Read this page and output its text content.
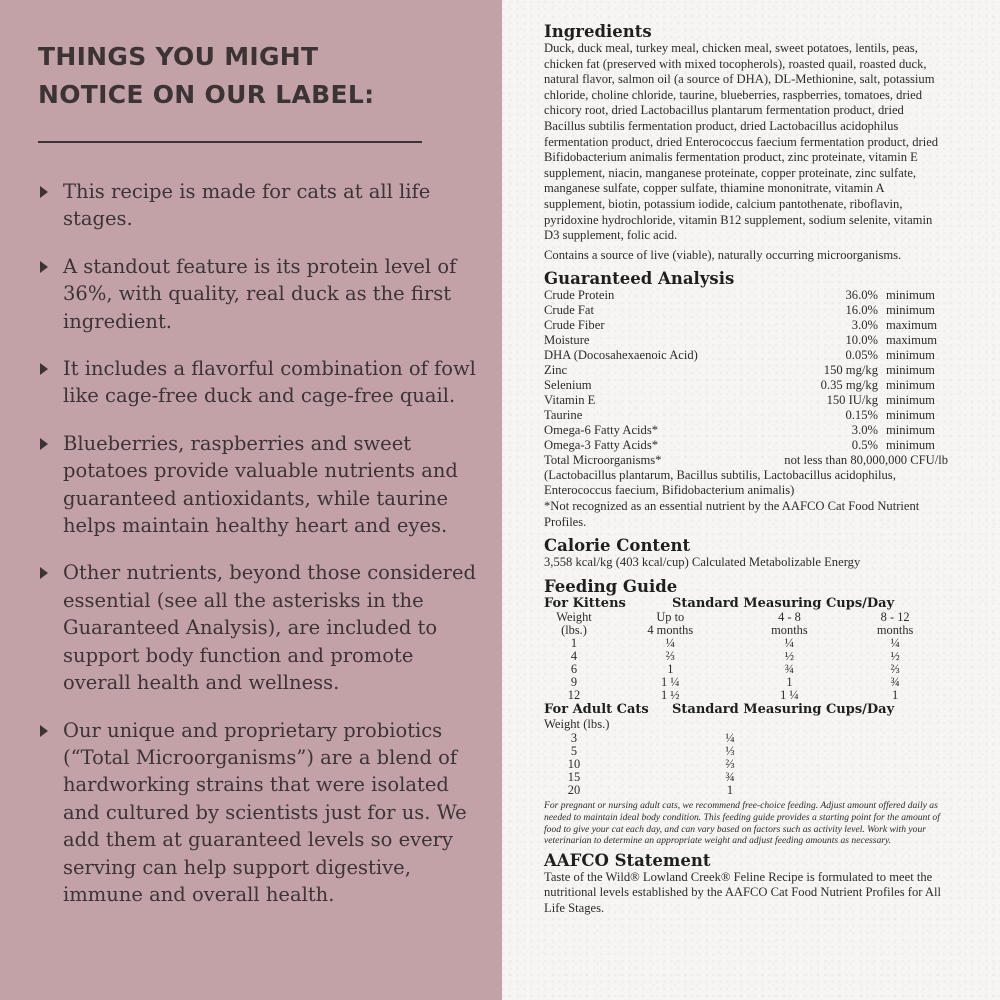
THINGS YOU MIGHT
NOTICE ON OUR LABEL:
This recipe is made for cats at all life stages.
A standout feature is its protein level of 36%, with quality, real duck as the first ingredient.
It includes a flavorful combination of fowl like cage-free duck and cage-free quail.
Blueberries, raspberries and sweet potatoes provide valuable nutrients and guaranteed antioxidants, while taurine helps maintain healthy heart and eyes.
Other nutrients, beyond those considered essential (see all the asterisks in the Guaranteed Analysis), are included to support body function and promote overall health and wellness.
Our unique and proprietary probiotics (“Total Microorganisms”) are a blend of hardworking strains that were isolated and cultured by scientists just for us. We add them at guaranteed levels so every serving can help support digestive, immune and overall health.
Ingredients

Duck, duck meal, turkey meal, chicken meal, sweet potatoes, lentils, peas, chicken fat (preserved with mixed tocopherols), roasted quail, roasted duck, natural flavor, salmon oil (a source of DHA), DL-Methionine, salt, potassium chloride, choline chloride, taurine, blueberries, raspberries, tomatoes, dried chicory root, dried Lactobacillus plantarum fermentation product, dried Bacillus subtilis fermentation product, dried Lactobacillus acidophilus fermentation product, dried Enterococcus faecium fermentation product, dried Bifidobacterium animalis fermentation product, zinc proteinate, vitamin E supplement, niacin, manganese proteinate, copper proteinate, zinc sulfate, manganese sulfate, copper sulfate, thiamine mononitrate, vitamin A supplement, biotin, potassium iodide, calcium pantothenate, riboflavin, pyridoxine hydrochloride, vitamin B12 supplement, sodium selenite, vitamin D3 supplement, folic acid.

Contains a source of live (viable), naturally occurring microorganisms.

Guaranteed Analysis
Crude Protein	36.0%	minimum
Crude Fat	16.0%	minimum
Crude Fiber	3.0%	maximum
Moisture	10.0%	maximum
DHA (Docosahexaenoic Acid)	0.05%	minimum
Zinc	150 mg/kg	minimum
Selenium	0.35 mg/kg	minimum
Vitamin E	150 IU/kg	minimum
Taurine	0.15%	minimum
Omega-6 Fatty Acids*	3.0%	minimum
Omega-3 Fatty Acids*	0.5%	minimum
Total Microorganisms*	not less than 80,000,000 CFU/lb	

(Lactobacillus plantarum, Bacillus subtilis, Lactobacillus acidophilus, Enterococcus faecium, Bifidobacterium animalis)

*Not recognized as an essential nutrient by the AAFCO Cat Food Nutrient Profiles.

Calorie Content

3,558 kcal/kg (403 kcal/cup) Calculated Metabolizable Energy

Feeding Guide
For Kittens	Standard Measuring Cups/Day
Weight	Up to	4 - 8	8 - 12
(lbs.)	4 months	months	months
1	¼	¼	¼
4	⅔	½	½
6	1	¾	⅔
9	1 ¼	1	¾
12	1 ½	1 ¼	1
For Adult Cats	Standard Measuring Cups/Day
Weight (lbs.)
3	¼
5	⅓
10	⅔
15	¾
20	1

For pregnant or nursing adult cats, we recommend free-choice feeding. Adjust amount offered daily as needed to maintain ideal body condition. This feeding guide provides a starting point for the amount of food to give your cat each day, and can vary based on factors such as activity level. Work with your veterinarian to determine an appropriate weight and adjust feeding amounts as necessary.

AAFCO Statement

Taste of the Wild® Lowland Creek® Feline Recipe is formulated to meet the nutritional levels established by the AAFCO Cat Food Nutrient Profiles for All Life Stages.
